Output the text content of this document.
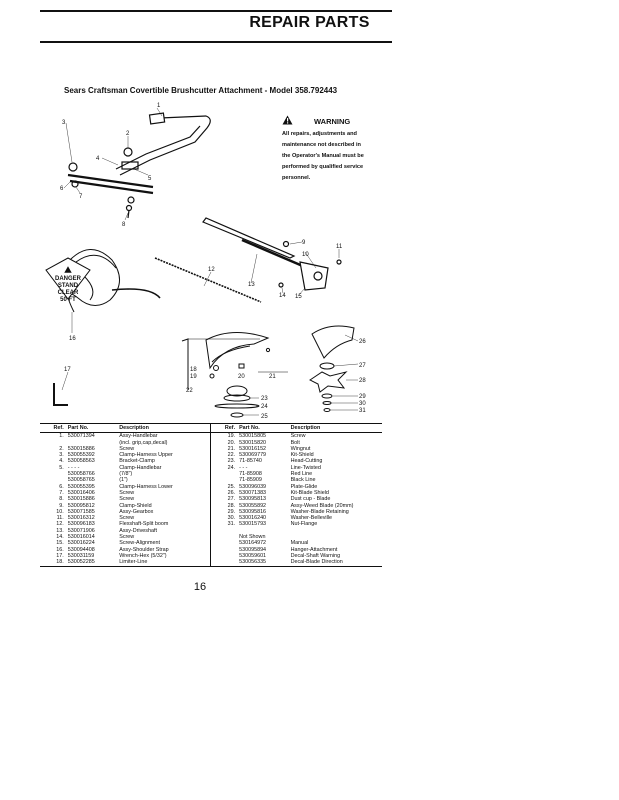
REPAIR PARTS
Sears Craftsman Covertible Brushcutter Attachment - Model 358.792443
WARNING
All repairs, adjustments and
maintenance not described in
the Operator's Manual must be
performed by qualified service
personnel.
1
2
3
4
5
6
7
8
9
10
11
12
13
14 15
16
17	18
19	20	21
22
23
24
25
26
27
28
29
30
31
DANGER
STAND
CLEAR
50 FT
Ref.	Part No.	Description	Ref.	Part No.	Description
1.	530071394	Assy-Handlebar	19.	530015805	Screw
		(incl. grip,cap,decal)	20.	530015820	Bolt
2.	530015886	Screw	21.	530016152	Wingnut
3.	530055392	Clamp-Harness Upper	22.	530069779	Kit-Shield
4.	530058563	Bracket-Clamp	23.	71-85740	Head-Cutting
5.	- - - -	Clamp-Handlebar	24.	- - -	Line-Twisted
	530058766	(7/8")		71-85908	Red Line
	530058765	(1")		71-85909	Black Line
6.	530055395	Clamp-Harness Lower	25.	530096039	Plate-Glide
7.	530016406	Screw	26.	530071383	Kit-Blade Shield
8.	530015886	Screw	27.	530095813	Dust cup - Blade
9.	530095812	Clamp-Shield	28.	530055892	Assy-Weed Blade (20mm)
10.	530071585	Assy-Gearbox	29.	530095816	Washer-Blade Retaining
11.	530016312	Screw	30.	530016240	Washer-Belleville
12.	530096183	Flexshaft-Split boom	31.	530015793	Nut-Flange
13.	530071906	Assy-Driveshaft			
14.	530016014	Screw		Not Shown	
15.	530016224	Screw-Alignment		530164972	Manual
16.	530094408	Assy-Shoulder Strap		530095894	Hanger-Attachment
17.	530031159	Wrench-Hex (5/32")		530059601	Decal-Shaft Warning
18.	530052285	Limiter-Line		530056335	Decal-Blade Direction
16
